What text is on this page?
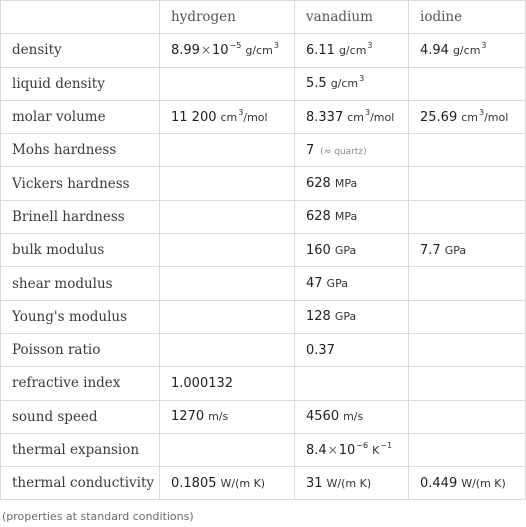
	hydrogen	vanadium	iodine
density	$8.99\times 10^{-5}$ $g/cm^3$	6.11 $g/cm^3$	4.94 $g/cm^3$
liquid density		5.5 $g/cm^3$	
molar volume	11 200 $cm^3$/mol	8.337 $cm^3$/mol	25.69 $cm^3$/mol
Mohs hardness		7 (≈ quartz)	
Vickers hardness		628 MPa	
Brinell hardness		628 MPa	
bulk modulus		160 GPa	7.7 GPa
shear modulus		47 GPa	
Young's modulus		128 GPa	
Poisson ratio		0.37	
refractive index	1.000132		
sound speed	1270 m/s	4560 m/s	
thermal expansion		$8.4\times 10^{-6}$ $K^{-1}$	
thermal conductivity	0.1805 W/(m K)	31 W/(m K)	0.449 W/(m K)
(properties at standard conditions)
